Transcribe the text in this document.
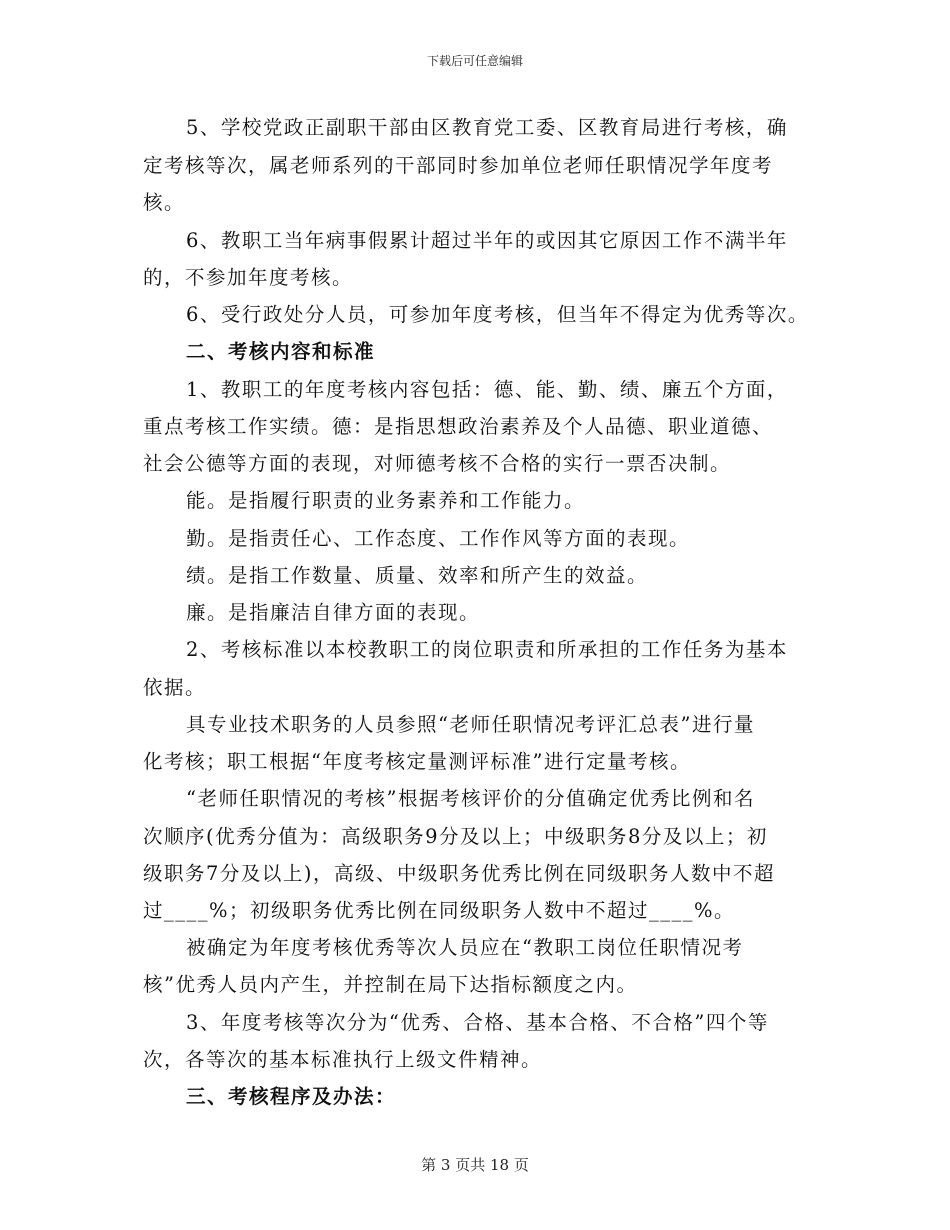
下载后可任意编辑
5、学校党政正副职干部由区教育党工委、区教育局进行考核，确
定考核等次，属老师系列的干部同时参加单位老师任职情况学年度考
核。
6、教职工当年病事假累计超过半年的或因其它原因工作不满半年
的，不参加年度考核。
6、受行政处分人员，可参加年度考核，但当年不得定为优秀等次。
二、考核内容和标准
1、教职工的年度考核内容包括：德、能、勤、绩、廉五个方面，
重点考核工作实绩。德：是指思想政治素养及个人品德、职业道德、
社会公德等方面的表现，对师德考核不合格的实行一票否决制。
能。是指履行职责的业务素养和工作能力。
勤。是指责任心、工作态度、工作作风等方面的表现。
绩。是指工作数量、质量、效率和所产生的效益。
廉。是指廉洁自律方面的表现。
2、考核标准以本校教职工的岗位职责和所承担的工作任务为基本
依据。
具专业技术职务的人员参照“老师任职情况考评汇总表”进行量
化考核；职工根据“年度考核定量测评标准”进行定量考核。
“老师任职情况的考核”根据考核评价的分值确定优秀比例和名
次顺序(优秀分值为：高级职务9分及以上；中级职务8分及以上；初
级职务7分及以上)，高级、中级职务优秀比例在同级职务人数中不超
过____%；初级职务优秀比例在同级职务人数中不超过____%。
被确定为年度考核优秀等次人员应在“教职工岗位任职情况考
核”优秀人员内产生，并控制在局下达指标额度之内。
3、年度考核等次分为“优秀、合格、基本合格、不合格”四个等
次，各等次的基本标准执行上级文件精神。
三、考核程序及办法：
第 3 页共 18 页
